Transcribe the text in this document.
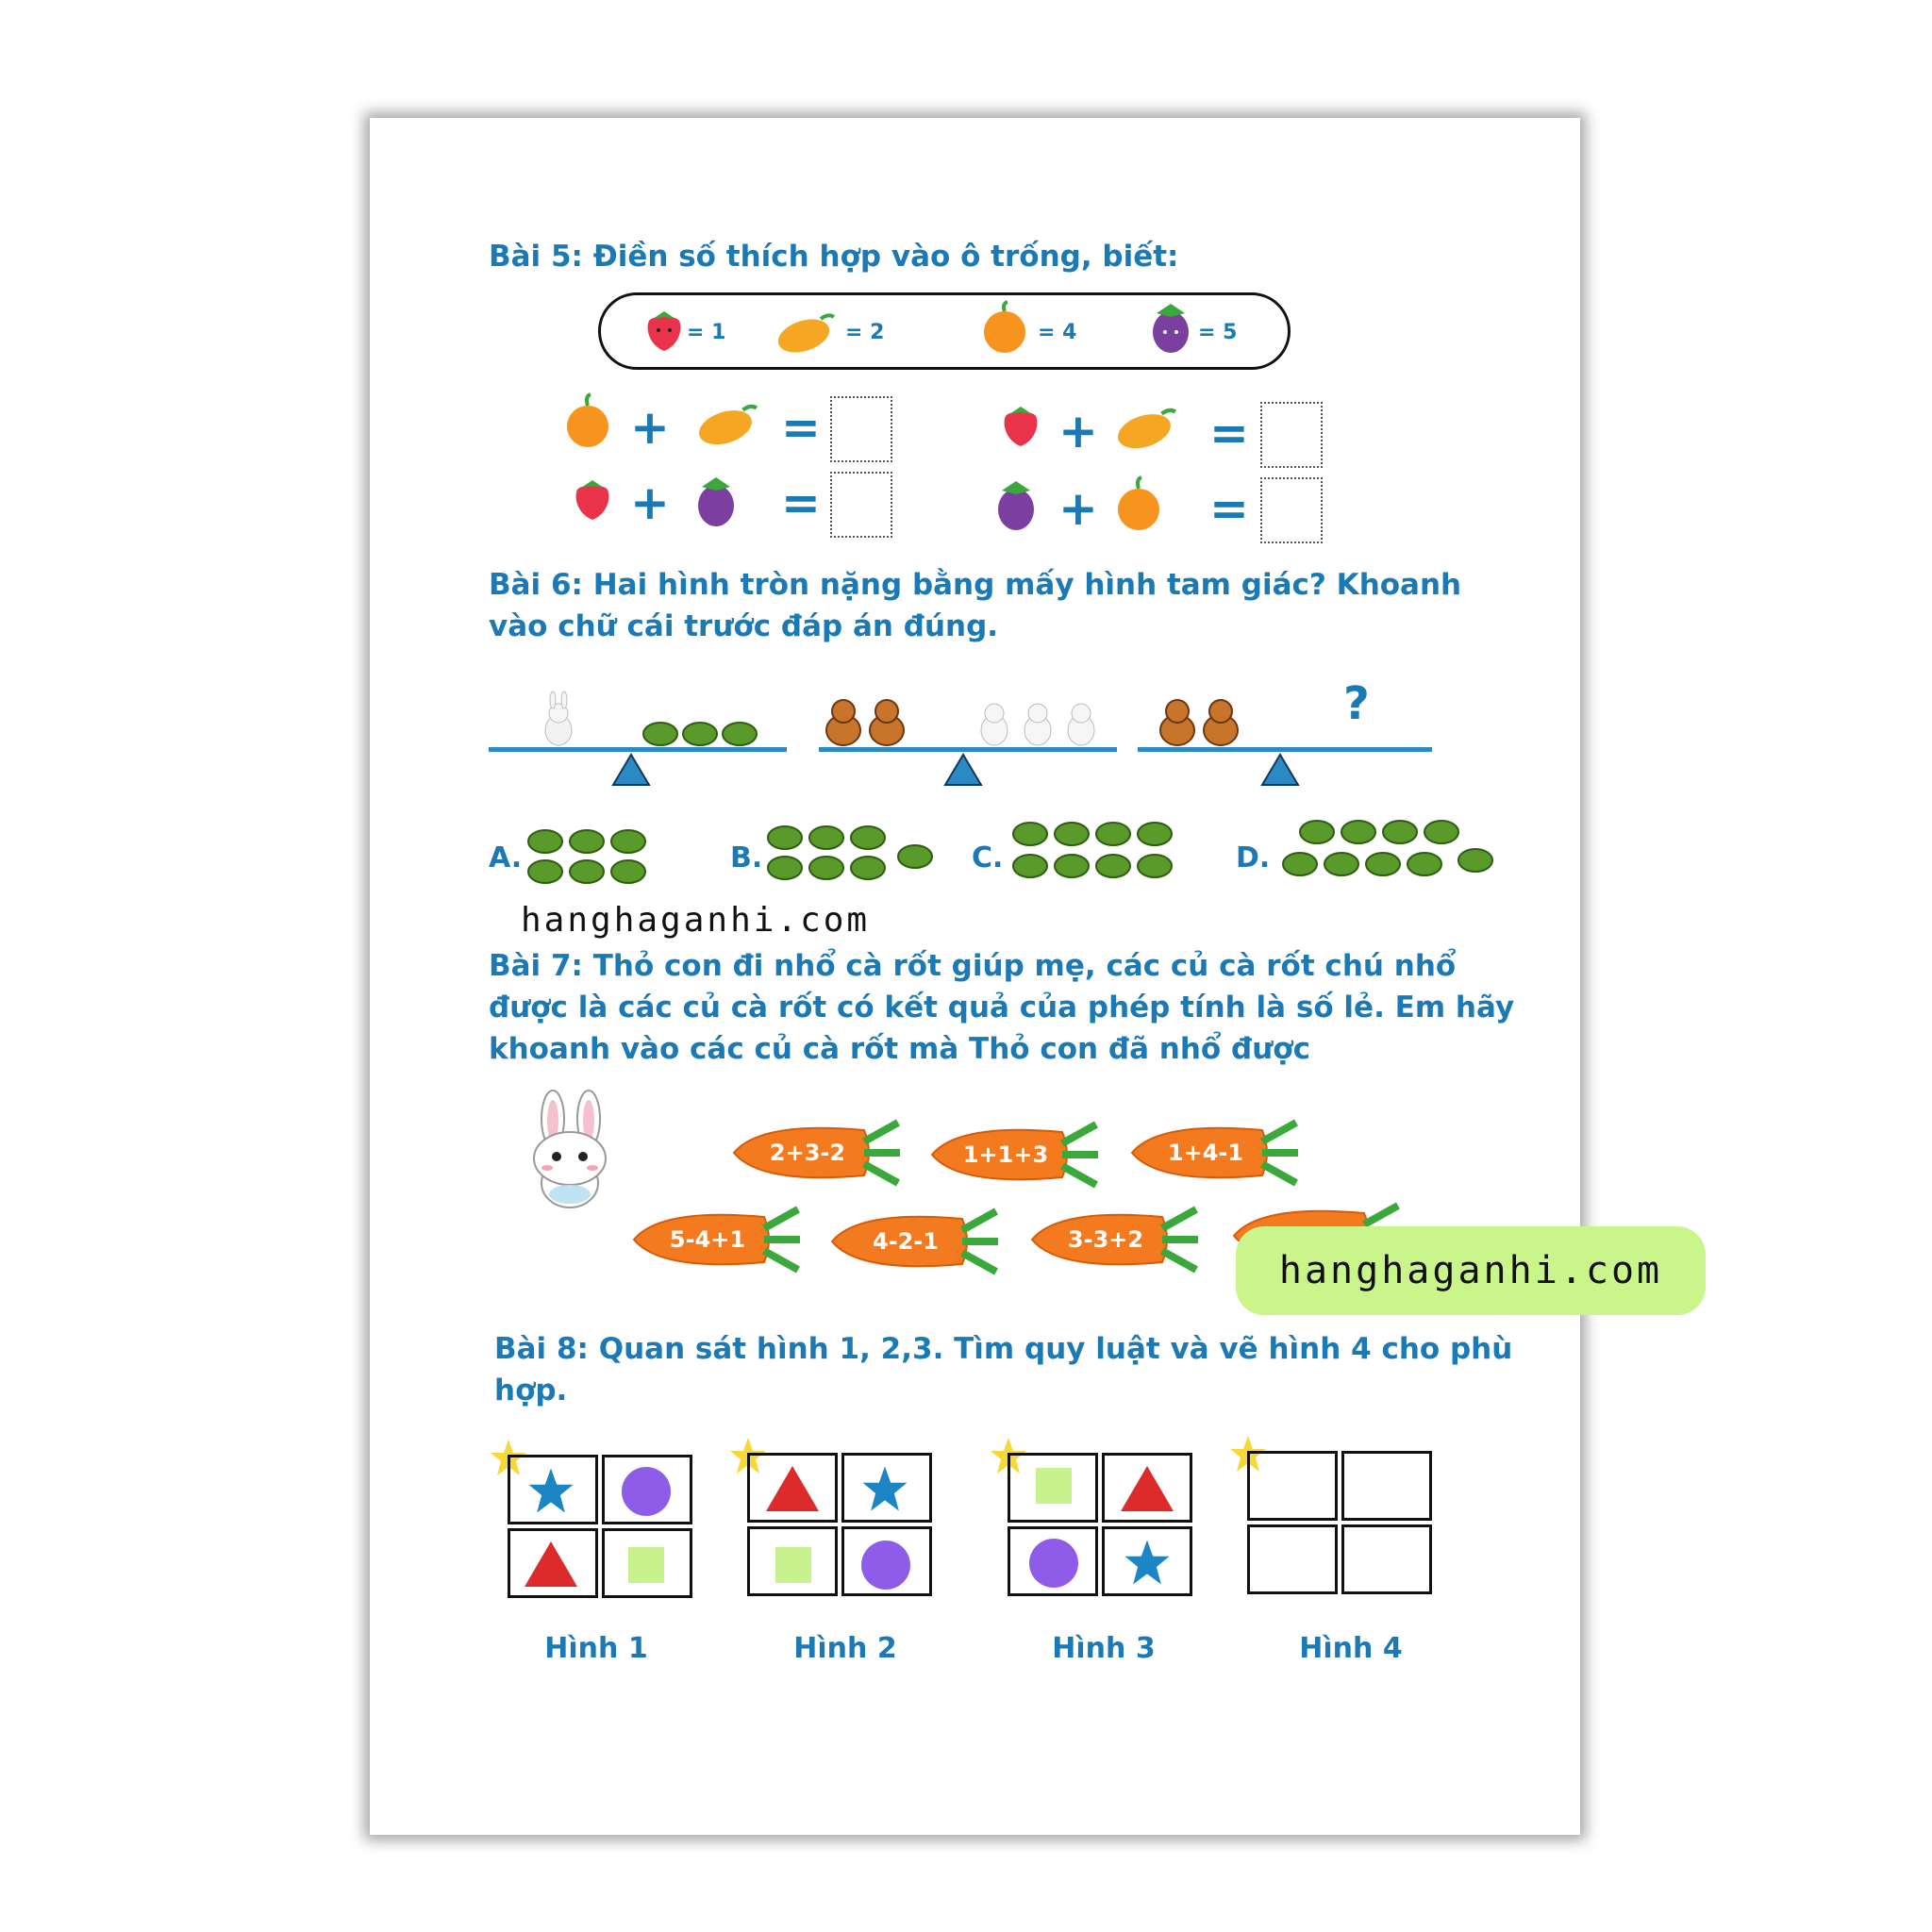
Bài 5: Điền số thích hợp vào ô trống, biết:
= 1	= 2	= 4	= 5
+ =	+ =
+ =	+ =
Bài 6: Hai hình tròn nặng bằng mấy hình tam giác? Khoanh
vào chữ cái trước đáp án đúng.
?
A.	B.	C.	D.
hanghaganhi.com
Bài 7: Thỏ con đi nhổ cà rốt giúp mẹ, các củ cà rốt chú nhổ
được là các củ cà rốt có kết quả của phép tính là số lẻ. Em hãy
khoanh vào các củ cà rốt mà Thỏ con đã nhổ được
2+3-2	1+1+3	1+4-1
5-4+1	4-2-1	3-3+2
hanghaganhi.com
Bài 8: Quan sát hình 1, 2,3. Tìm quy luật và vẽ hình 4 cho phù
hợp.
Hình 1	Hình 2	Hình 3	Hình 4
